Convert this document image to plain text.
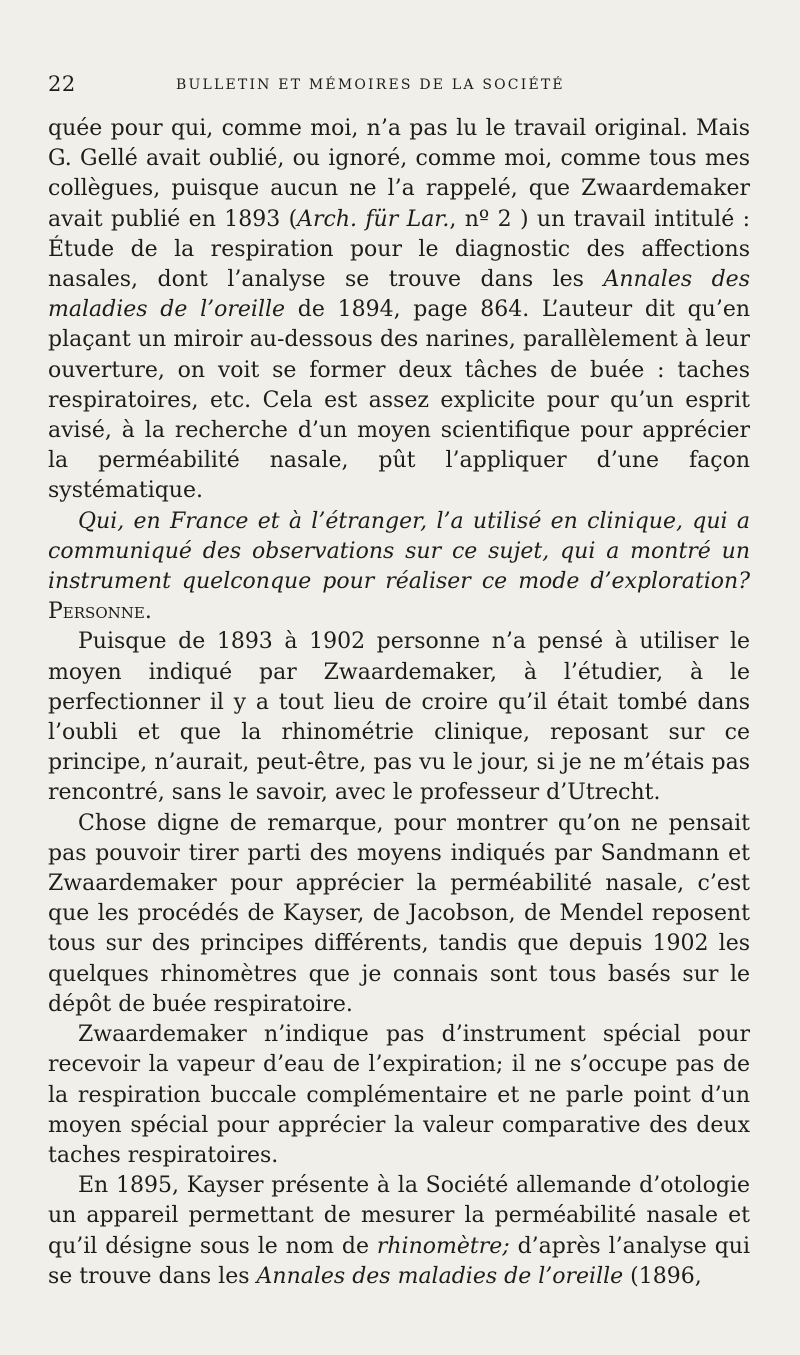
22	BULLETIN ET MÉMOIRES DE LA SOCIÉTÉ

quée pour qui, comme moi, n’a pas lu le travail original. Mais G. Gellé avait oublié, ou ignoré, comme moi, comme tous mes collègues, puisque aucun ne l’a rappelé, que Zwaardemaker avait publié en 1893 (Arch. für Lar., nº 2 ) un travail intitulé : Étude de la respiration pour le diagnostic des affections nasales, dont l’analyse se trouve dans les Annales des maladies de l’oreille de 1894, page 864. L’auteur dit qu’en plaçant un miroir au-dessous des narines, parallèlement à leur ouverture, on voit se former deux tâches de buée : taches respiratoires, etc. Cela est assez explicite pour qu’un esprit avisé, à la recherche d’un moyen scientifique pour apprécier la perméabilité nasale, pût l’appliquer d’une façon systématique.

Qui, en France et à l’étranger, l’a utilisé en clinique, qui a communiqué des observations sur ce sujet, qui a montré un instrument quelconque pour réaliser ce mode d’exploration? Personne.

Puisque de 1893 à 1902 personne n’a pensé à utiliser le moyen indiqué par Zwaardemaker, à l’étudier, à le perfectionner il y a tout lieu de croire qu’il était tombé dans l’oubli et que la rhinométrie clinique, reposant sur ce principe, n’aurait, peut-être, pas vu le jour, si je ne m’étais pas rencontré, sans le savoir, avec le professeur d’Utrecht.

Chose digne de remarque, pour montrer qu’on ne pensait pas pouvoir tirer parti des moyens indiqués par Sandmann et Zwaardemaker pour apprécier la perméabilité nasale, c’est que les procédés de Kayser, de Jacobson, de Mendel reposent tous sur des principes différents, tandis que depuis 1902 les quelques rhinomètres que je connais sont tous basés sur le dépôt de buée respiratoire.

Zwaardemaker n’indique pas d’instrument spécial pour recevoir la vapeur d’eau de l’expiration; il ne s’occupe pas de la respiration buccale complémentaire et ne parle point d’un moyen spécial pour apprécier la valeur comparative des deux taches respiratoires.

En 1895, Kayser présente à la Société allemande d’otologie un appareil permettant de mesurer la perméabilité nasale et qu’il désigne sous le nom de rhinomètre; d’après l’analyse qui se trouve dans les Annales des maladies de l’oreille (1896,
